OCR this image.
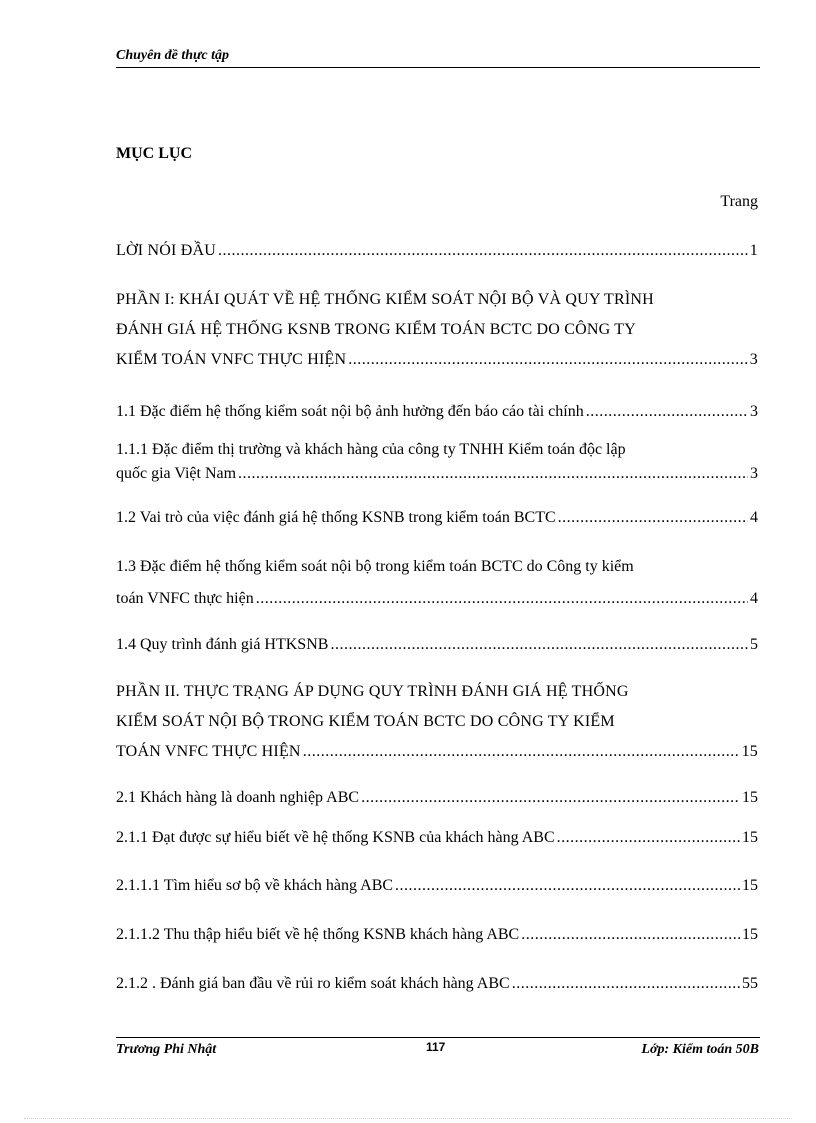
Chuyên đề thực tập
MỤC LỤC
Trang
LỜI NÓI ĐẦU .....	1
PHẦN I: KHÁI QUÁT VỀ HỆ THỐNG KIỂM SOÁT NỘI BỘ VÀ QUY TRÌNH
ĐÁNH GIÁ HỆ THỐNG KSNB TRONG KIỂM TOÁN BCTC DO CÔNG TY
KIỂM TOÁN VNFC THỰC HIỆN .....	3
1.1 Đặc điểm hệ thống kiểm soát nội bộ ảnh hưởng đến báo cáo tài chính .....	3
1.1.1 Đặc điểm thị trường và khách hàng của công ty TNHH Kiểm toán độc lập
quốc gia Việt Nam .....	3
1.2 Vai trò của việc đánh giá hệ thống KSNB trong kiểm toán BCTC .....	4
1.3 Đặc điểm hệ thống kiểm soát nội bộ trong kiểm toán BCTC do Công ty kiểm
toán VNFC thực hiện .....	4
1.4 Quy trình đánh giá HTKSNB .....	5
PHẦN II. THỰC TRẠNG ÁP DỤNG QUY TRÌNH ĐÁNH GIÁ HỆ THỐNG
KIỂM SOÁT NỘI BỘ TRONG KIỂM TOÁN BCTC DO CÔNG TY KIỂM
TOÁN VNFC THỰC HIỆN .....	15
2.1 Khách hàng là doanh nghiệp ABC .....	15
2.1.1 Đạt được sự hiểu biết về hệ thống KSNB của khách hàng ABC .....	15
2.1.1.1 Tìm hiểu sơ bộ về khách hàng ABC .....	15
2.1.1.2 Thu thập hiểu biết về hệ thống KSNB khách hàng ABC .....	15
2.1.2 . Đánh giá ban đầu về rủi ro kiểm soát khách hàng ABC .....	55
Trương Phi Nhật	117	Lớp: Kiểm toán 50B
